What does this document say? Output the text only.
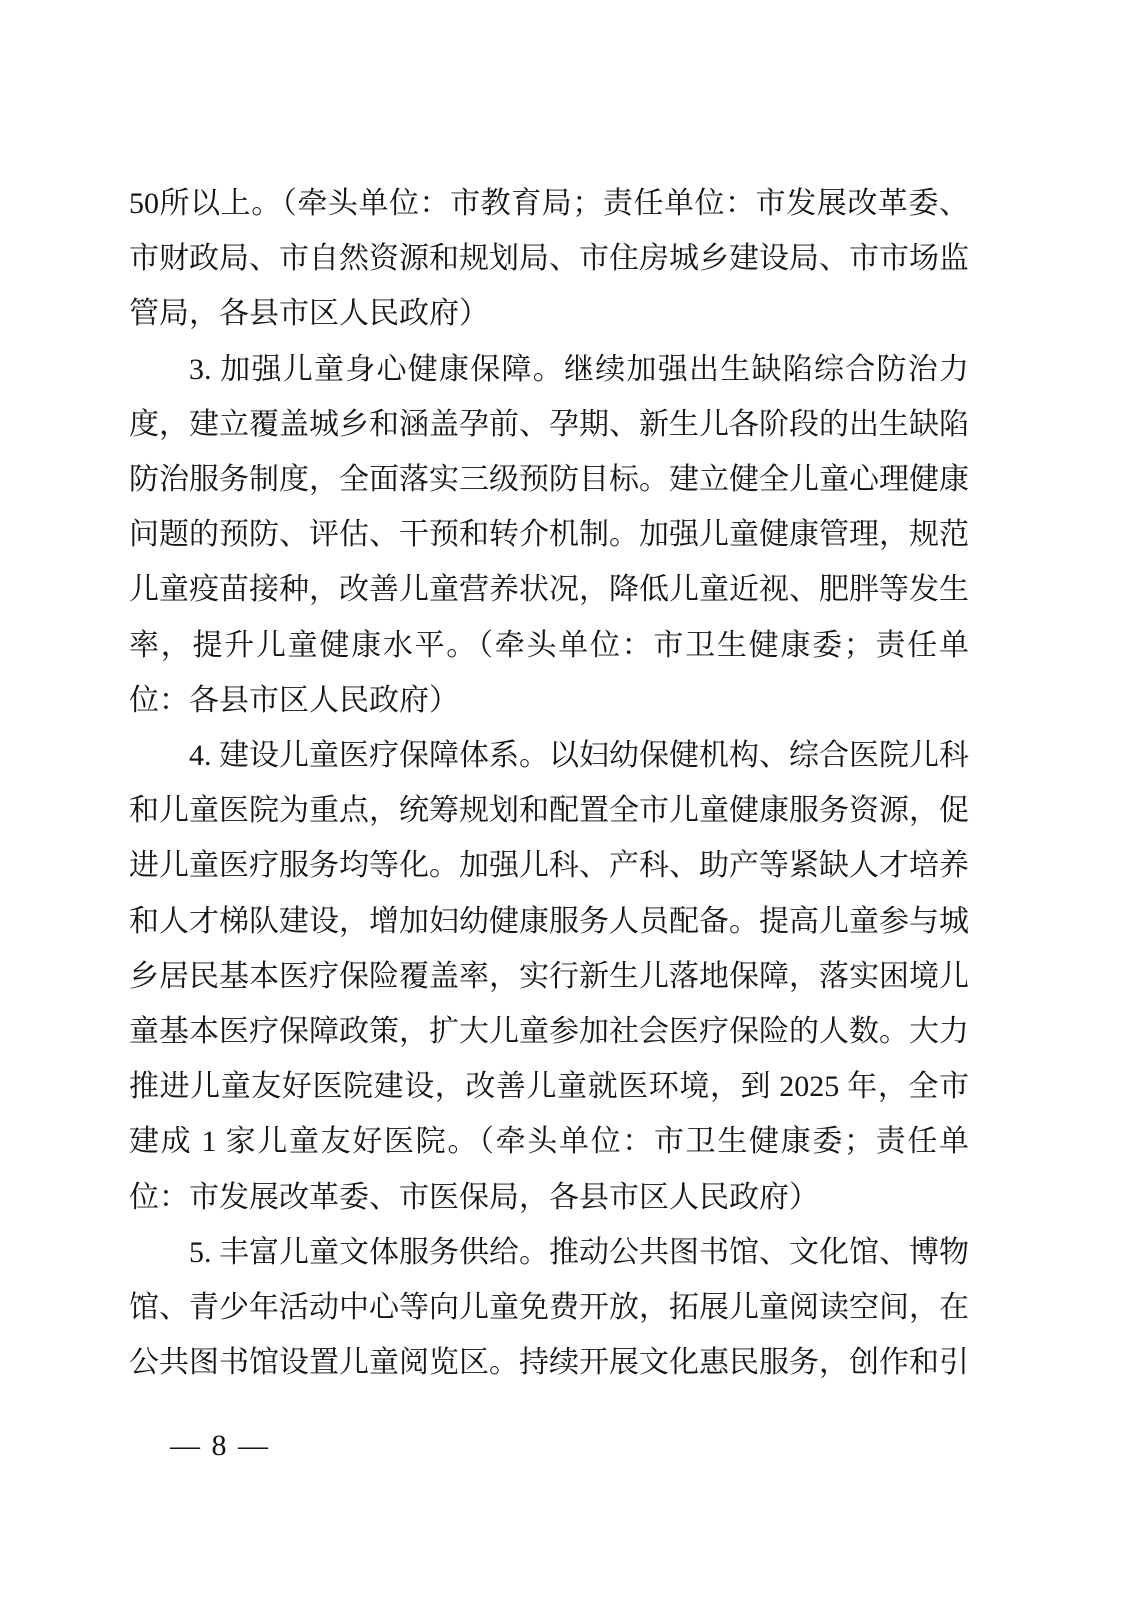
50所以上。（牵头单位：市教育局；责任单位：市发展改革委、市财政局、市自然资源和规划局、市住房城乡建设局、市市场监管局，各县市区人民政府）

3. 加强儿童身心健康保障。继续加强出生缺陷综合防治力度，建立覆盖城乡和涵盖孕前、孕期、新生儿各阶段的出生缺陷防治服务制度，全面落实三级预防目标。建立健全儿童心理健康问题的预防、评估、干预和转介机制。加强儿童健康管理，规范儿童疫苗接种，改善儿童营养状况，降低儿童近视、肥胖等发生率，提升儿童健康水平。（牵头单位：市卫生健康委；责任单位：各县市区人民政府）

4. 建设儿童医疗保障体系。以妇幼保健机构、综合医院儿科和儿童医院为重点，统筹规划和配置全市儿童健康服务资源，促进儿童医疗服务均等化。加强儿科、产科、助产等紧缺人才培养和人才梯队建设，增加妇幼健康服务人员配备。提高儿童参与城乡居民基本医疗保险覆盖率，实行新生儿落地保障，落实困境儿童基本医疗保障政策，扩大儿童参加社会医疗保险的人数。大力推进儿童友好医院建设，改善儿童就医环境，到 2025 年，全市建成 1 家儿童友好医院。（牵头单位：市卫生健康委；责任单位：市发展改革委、市医保局，各县市区人民政府）

5. 丰富儿童文体服务供给。推动公共图书馆、文化馆、博物馆、青少年活动中心等向儿童免费开放，拓展儿童阅读空间，在公共图书馆设置儿童阅览区。持续开展文化惠民服务，创作和引

— 8 —
